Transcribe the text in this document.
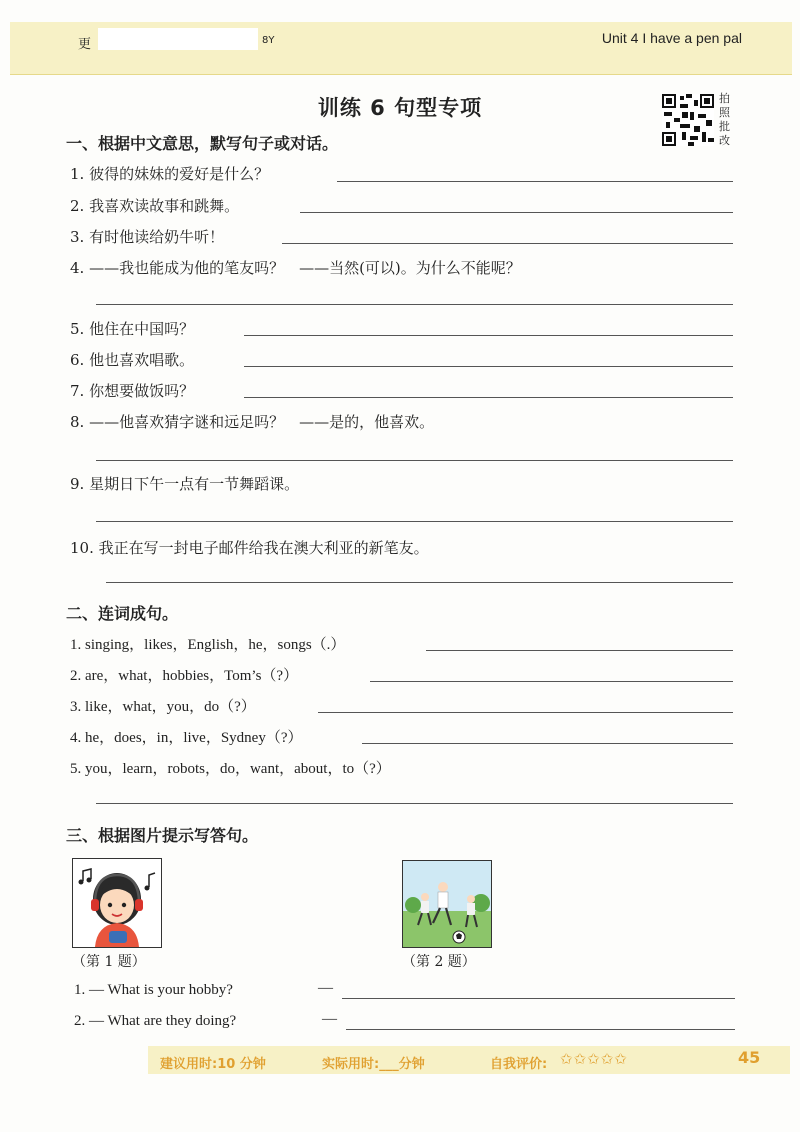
更	8Y	Unit 4 I have a pen pal
训练 6 句型专项	拍照批改
一、根据中文意思，默写句子或对话。
1. 彼得的妹妹的爱好是什么？
2. 我喜欢读故事和跳舞。
3. 有时他读给奶牛听！
4. ——我也能成为他的笔友吗？　——当然(可以)。为什么不能呢？
5. 他住在中国吗？
6. 他也喜欢唱歌。
7. 你想要做饭吗？
8. ——他喜欢猜字谜和远足吗？　——是的，他喜欢。
9. 星期日下午一点有一节舞蹈课。
10. 我正在写一封电子邮件给我在澳大利亚的新笔友。
二、连词成句。
1. singing，likes，English，he，songs（.）
2. are，what，hobbies，Tom’s（?）
3. like，what，you，do（?）
4. he，does，in，live，Sydney（?）
5. you，learn，robots，do，want，about，to（?）
三、根据图片提示写答句。
（第 1 题）	（第 2 题）
1. — What is your hobby?	—
2. — What are they doing?	—
建议用时:10 分钟	实际用时:___分钟	自我评价: ✩✩✩✩✩	45
